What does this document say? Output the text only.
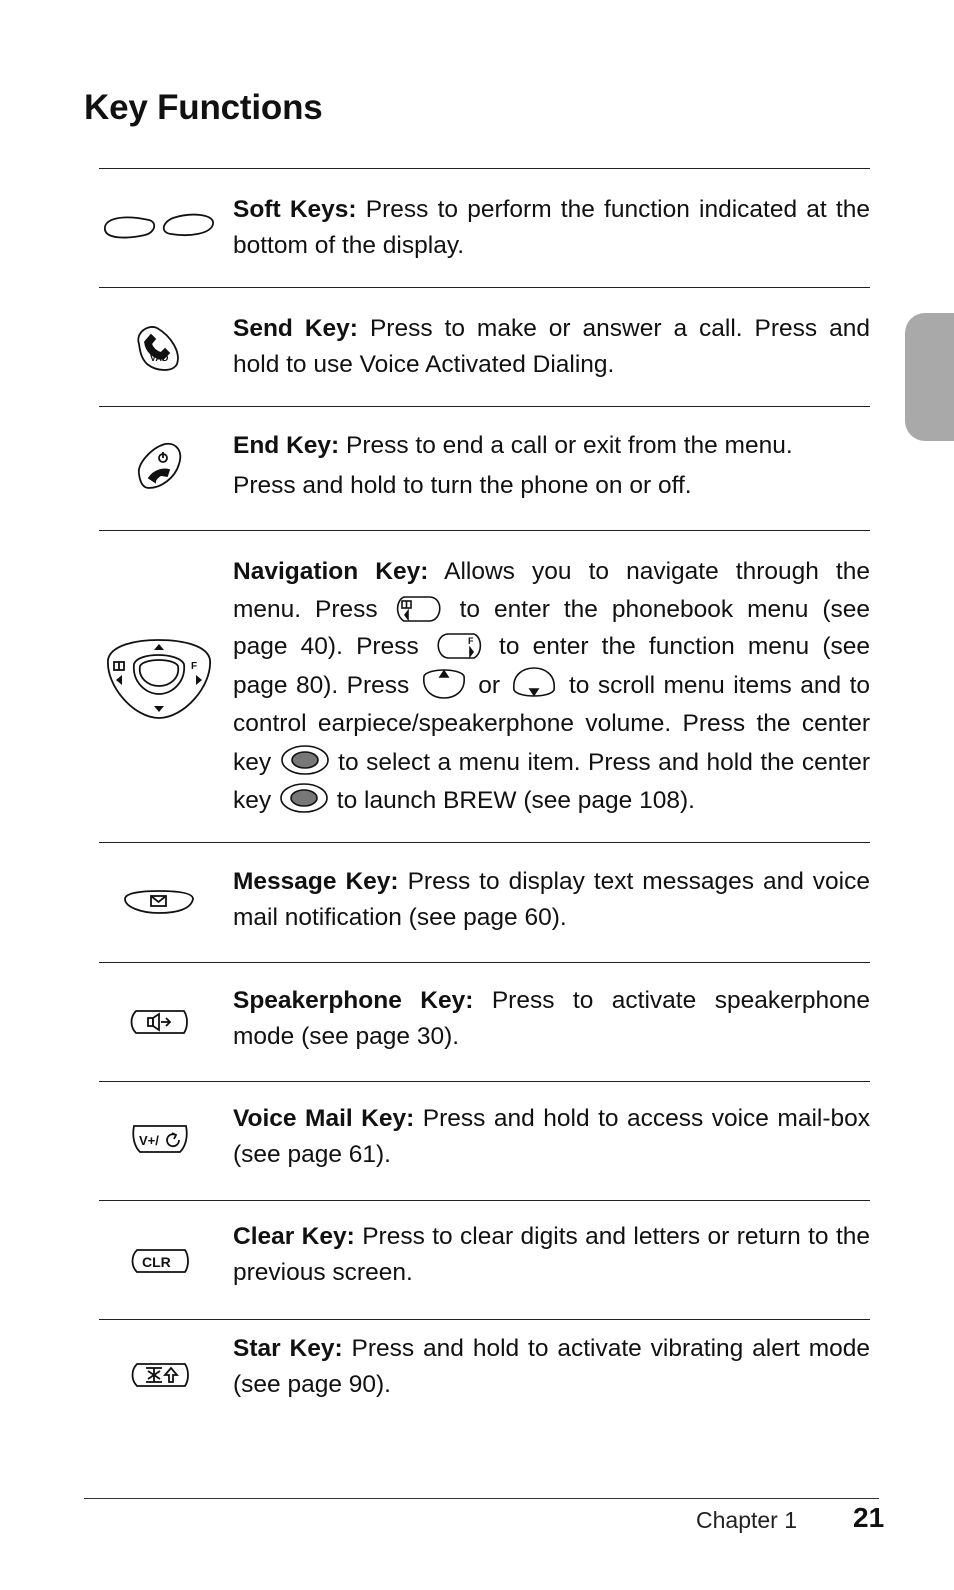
Key Functions

Soft Keys: Press to perform the function indicated at the bottom of the display.

VAD

Send Key: Press to make or answer a call. Press and hold to use Voice Activated Dialing.

End Key: Press to end a call or exit from the menu.
Press and hold to turn the phone on or off.
F

Navigation Key: Allows you to navigate through the menu. Press	to enter the phonebook menu (see page 40). Press	F to enter the function menu (see page 80). Press	or	to scroll menu items and to control earpiece/speakerphone volume. Press the center key	to select a menu item. Press and hold the center key	to launch BREW (see page 108).

Message Key: Press to display text messages and voice mail notification (see page 60).

Speakerphone Key: Press to activate speakerphone mode (see page 30).

V+/

Voice Mail Key: Press and hold to access voice mail-box (see page 61).

CLR

Clear Key: Press to clear digits and letters or return to the previous screen.

Star Key: Press and hold to activate vibrating alert mode (see page 90).

Chapter 1 21
